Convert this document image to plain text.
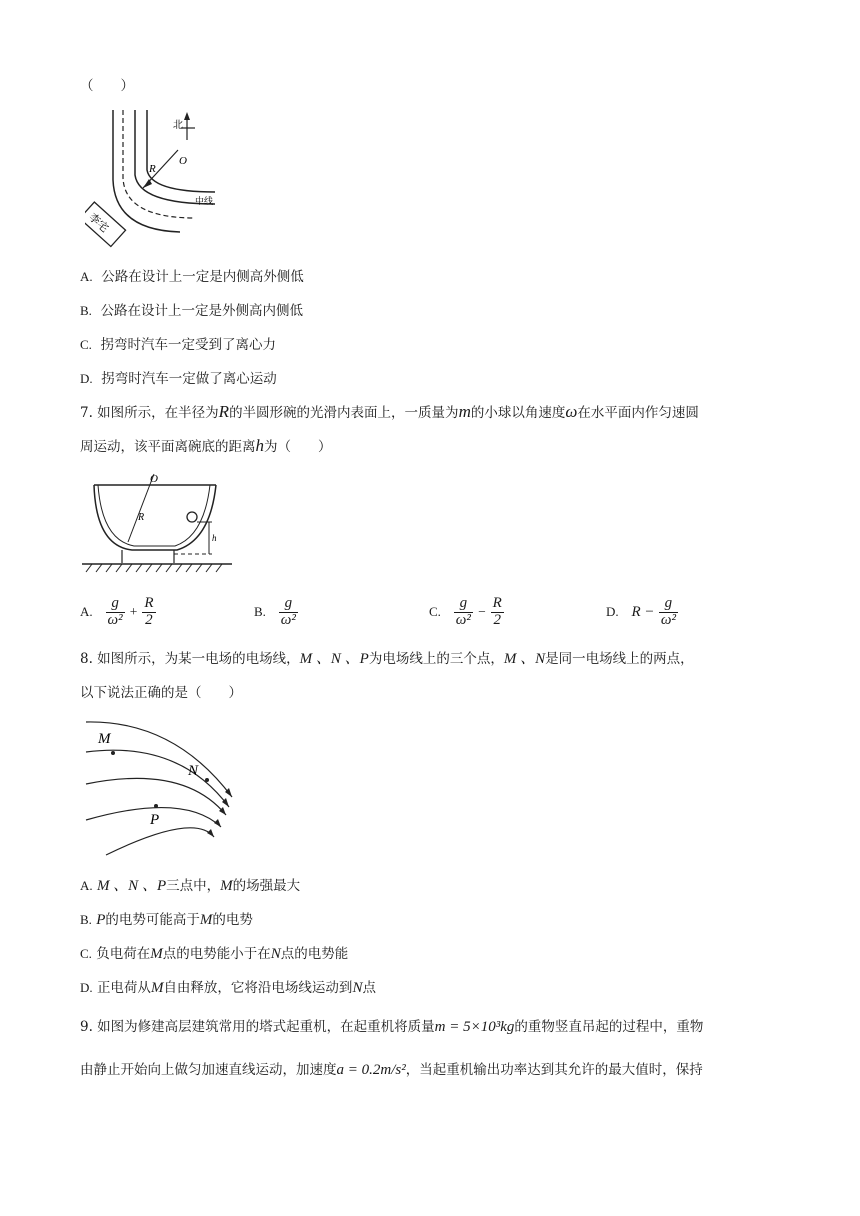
（　　）
北
R
O
中线
李宅
A. 公路在设计上一定是内侧高外侧低
B. 公路在设计上一定是外侧高内侧低
C. 拐弯时汽车一定受到了离心力
D. 拐弯时汽车一定做了离心运动
7. 如图所示，在半径为R的半圆形碗的光滑内表面上，一质量为m的小球以角速度ω在水平面内作匀速圆
周运动，该平面离碗底的距离h为（　　）
O
R
h
A. $\frac{g}{\text{ω²}} + \frac{R}{2}$	B. $\frac{g}{\text{ω²}}$	C. $\frac{g}{\text{ω²}} - \frac{R}{2}$	D. $R - \frac{g}{\text{ω²}}$
8. 如图所示，为某一电场的电场线，M 、N 、P为电场线上的三个点，M 、N是同一电场线上的两点，
以下说法正确的是（　　）
M
N
P
A. M 、N 、P三点中，M的场强最大
B. P的电势可能高于M的电势
C. 负电荷在M点的电势能小于在N点的电势能
D. 正电荷从M自由释放，它将沿电场线运动到N点
9. 如图为修建高层建筑常用的塔式起重机，在起重机将质量m = 5×10³kg的重物竖直吊起的过程中，重物
由静止开始向上做匀加速直线运动，加速度a = 0.2m/s²，当起重机输出功率达到其允许的最大值时，保持
